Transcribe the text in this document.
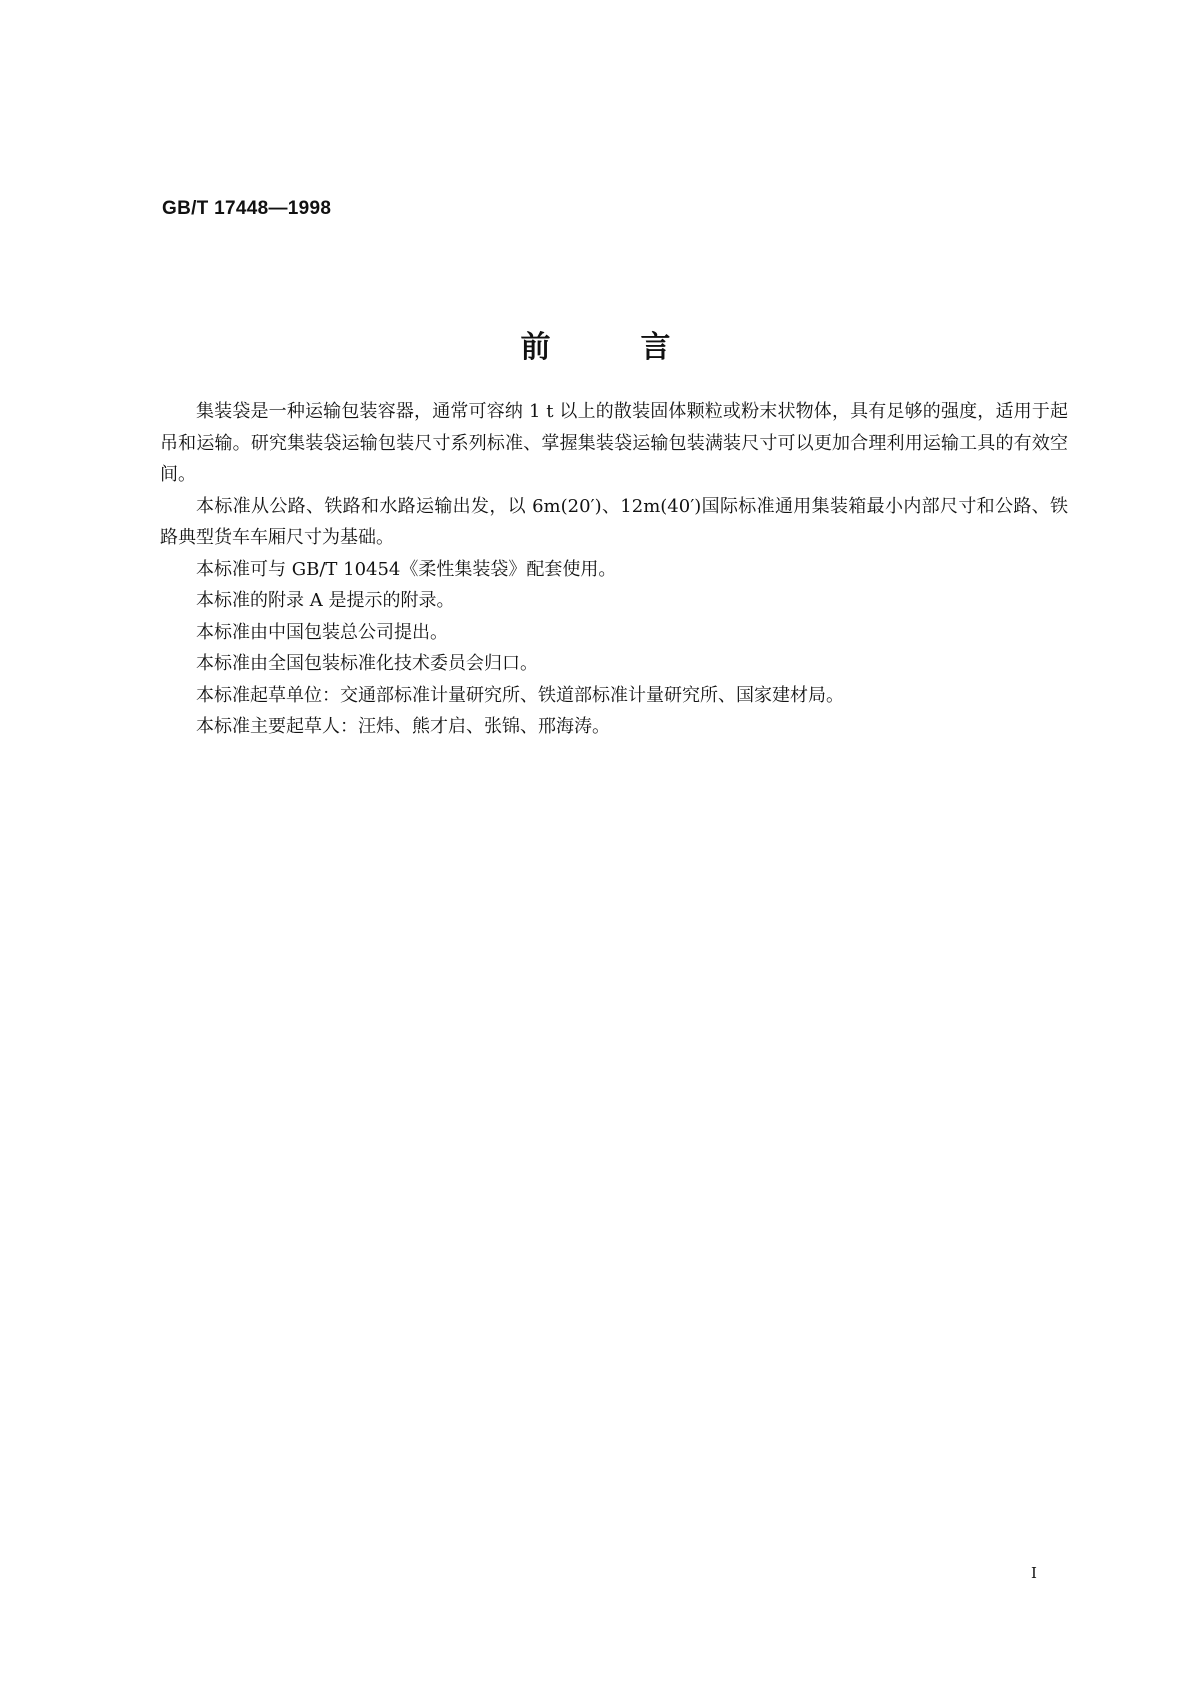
GB/T 17448—1998
前言

集装袋是一种运输包装容器，通常可容纳 1 t 以上的散装固体颗粒或粉末状物体，具有足够的强度，适用于起吊和运输。研究集装袋运输包装尺寸系列标准、掌握集装袋运输包装满装尺寸可以更加合理利用运输工具的有效空间。

本标准从公路、铁路和水路运输出发，以 6m(20′)、12m(40′)国际标准通用集装箱最小内部尺寸和公路、铁路典型货车车厢尺寸为基础。

本标准可与 GB/T 10454《柔性集装袋》配套使用。

本标准的附录 A 是提示的附录。

本标准由中国包装总公司提出。

本标准由全国包装标准化技术委员会归口。

本标准起草单位：交通部标准计量研究所、铁道部标准计量研究所、国家建材局。

本标准主要起草人：汪炜、熊才启、张锦、邢海涛。

I
